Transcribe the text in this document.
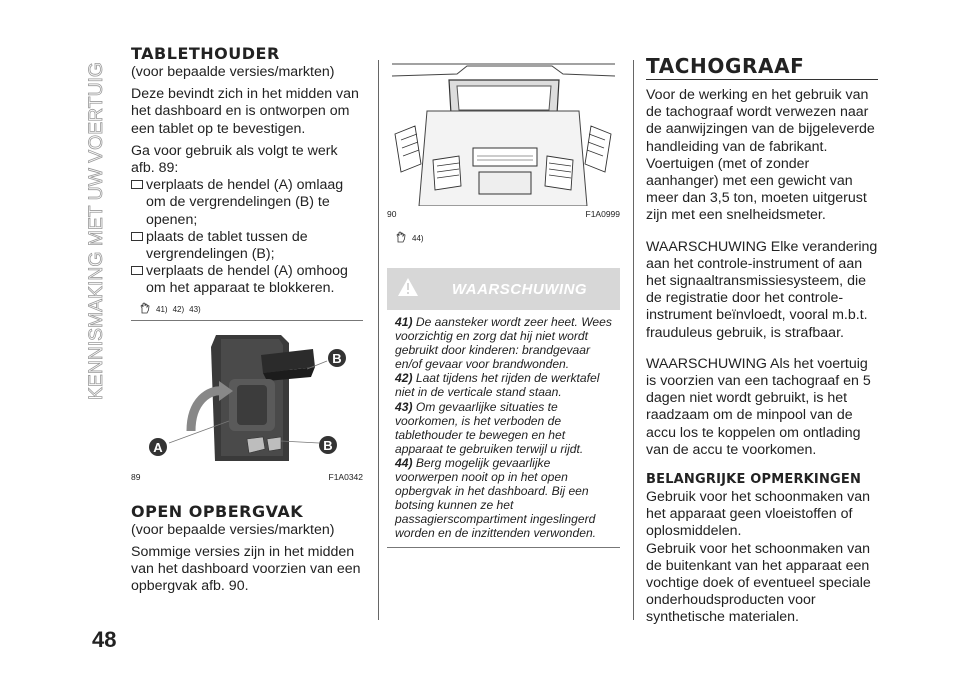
KENNISMAKING MET UW VOERTUIG
48
TABLETHOUDER

(voor bepaalde versies/markten)

Deze bevindt zich in het midden van het dashboard en is ontworpen om een tablet op te bevestigen.

Ga voor gebruik als volgt te werk afb. 89:

verplaats de hendel (A) omlaag om de vergrendelingen (B) te openen;

plaats de tablet tussen de vergrendelingen (B);

verplaats de hendel (A) omhoog om het apparaat te blokkeren.

41) 42) 43)
B
A	B
89	F1A0342
OPEN OPBERGVAK

(voor bepaalde versies/markten)

Sommige versies zijn in het midden van het dashboard voorzien van een opbergvak afb. 90.

90	F1A0999
44)
WAARSCHUWING

41) De aansteker wordt zeer heet. Wees voorzichtig en zorg dat hij niet wordt gebruikt door kinderen: brandgevaar en/of gevaar voor brandwonden.

42) Laat tijdens het rijden de werktafel niet in de verticale stand staan.

43) Om gevaarlijke situaties te voorkomen, is het verboden de tablethouder te bewegen en het apparaat te gebruiken terwijl u rijdt.

44) Berg mogelijk gevaarlijke voorwerpen nooit op in het open opbergvak in het dashboard. Bij een botsing kunnen ze het passagierscompartiment ingeslingerd worden en de inzittenden verwonden.

TACHOGRAAF

Voor de werking en het gebruik van de tachograaf wordt verwezen naar de aanwijzingen van de bijgeleverde handleiding van de fabrikant.

Voertuigen (met of zonder aanhanger) met een gewicht van meer dan 3,5 ton, moeten uitgerust zijn met een snelheidsmeter.

WAARSCHUWING Elke verandering aan het controle-instrument of aan het signaaltransmissiesysteem, die de registratie door het controle-instrument beïnvloedt, vooral m.b.t. frauduleus gebruik, is strafbaar.

WAARSCHUWING Als het voertuig is voorzien van een tachograaf en 5 dagen niet wordt gebruikt, is het raadzaam om de minpool van de accu los te koppelen om ontlading van de accu te voorkomen.

BELANGRIJKE OPMERKINGEN

Gebruik voor het schoonmaken van het apparaat geen vloeistoffen of oplosmiddelen.

Gebruik voor het schoonmaken van de buitenkant van het apparaat een vochtige doek of eventueel speciale onderhoudsproducten voor synthetische materialen.
